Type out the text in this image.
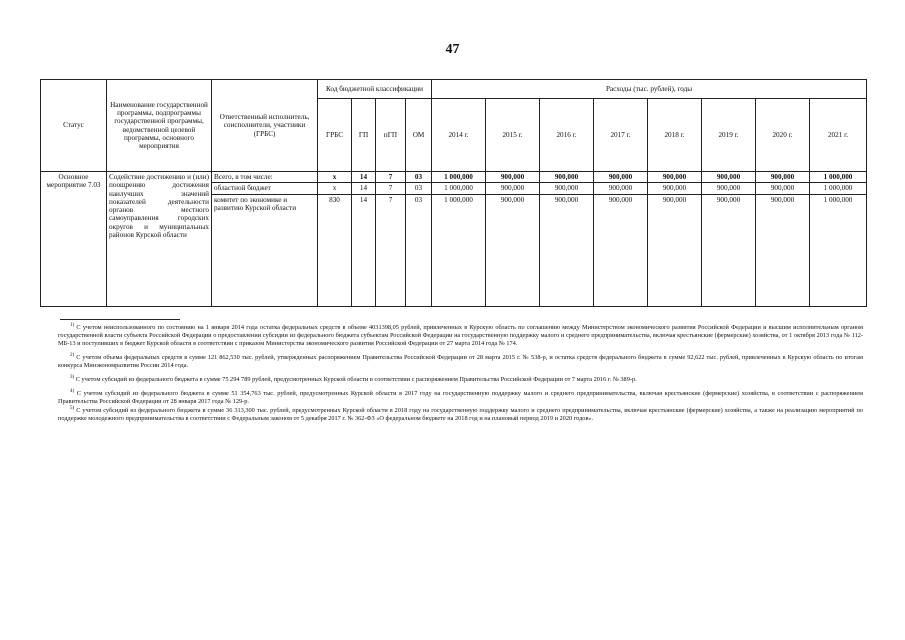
47
Статус	Наименование государственной программы, подпрограммы государственной программы, ведомственной целевой программы, основного мероприятия	Ответственный исполнитель, соисполнители, участники (ГРБС)	Код бюджетной классификации				Расходы (тыс. рублей), годы							
			ГРБС	ГП	пГП	ОМ	2014 г.	2015 г.	2016 г.	2017 г.	2018 г.	2019 г.	2020 г.	2021 г.
Основное мероприятие 7.03	Содействие достижению и (или) поощрению достижения наилучших значений показателей деятельности органов местного самоуправления городских округов и муниципальных районов Курской области	Всего, в том числе:	х	14	7	03	1 000,000	900,000	900,000	900,000	900,000	900,000	900,000	1 000,000
		областной бюджет	х	14	7	03	1 000,000	900,000	900,000	900,000	900,000	900,000	900,000	1 000,000
		комитет по экономике и развитию Курской области	830	14	7	03	1 000,000	900,000	900,000	900,000	900,000	900,000	900,000	1 000,000

$^{1)}$ С учетом неиспользованного по состоянию на 1 января 2014 года остатка федеральных средств в объеме 4031398,05 рублей, привлеченных в Курскую область по соглашению между Министерством экономического развития Российской Федерации и высшим исполнительным органом государственной власти субъекта Российской Федерации о предоставлении субсидии из федерального бюджета субъектам Российской Федерации на государственную поддержку малого и среднего предпринимательства, включая крестьянские (фермерские) хозяйства, от 1 октября 2013 года № 112-МБ-13 и поступивших в бюджет Курской области в соответствии с приказом Министерства экономического развития Российской Федерации от 27 марта 2014 года № 174.

$^{2)}$ С учетом объема федеральных средств в сумме 121 862,530 тыс. рублей, утвержденных распоряжением Правительства Российской Федерации от 28 марта 2015 г. № 538-р, и остатка средств федерального бюджета в сумме 92,622 тыс. рублей, привлеченных в Курскую область по итогам конкурса Минэкономразвития России 2014 года.

$^{3)}$ С учетом субсидий из федерального бюджета в сумме 75 294 789 рублей, предусмотренных Курской области в соответствии с распоряжением Правительства Российской Федерации от 7 марта 2016 г. № 389-р.

$^{4)}$ С учетом субсидий из федерального бюджета в сумме 51 354,763 тыс. рублей, предусмотренных Курской области в 2017 году на государственную поддержку малого и среднего предпринимательства, включая крестьянские (фермерские) хозяйства, в соответствии с распоряжением Правительства Российской Федерации от 28 января 2017 года № 129-р.

$^{5)}$ С учетом субсидий из федерального бюджета в сумме 36 313,300 тыс. рублей, предусмотренных Курской области в 2018 году на государственную поддержку малого и среднего предпринимательства, включая крестьянские (фермерские) хозяйства, а также на реализацию мероприятий по поддержке молодежного предпринимательства в соответствии с Федеральным законом от 5 декабря 2017 г. № 362-ФЗ «О федеральном бюджете на 2018 год и на плановый период 2019 и 2020 годов».
